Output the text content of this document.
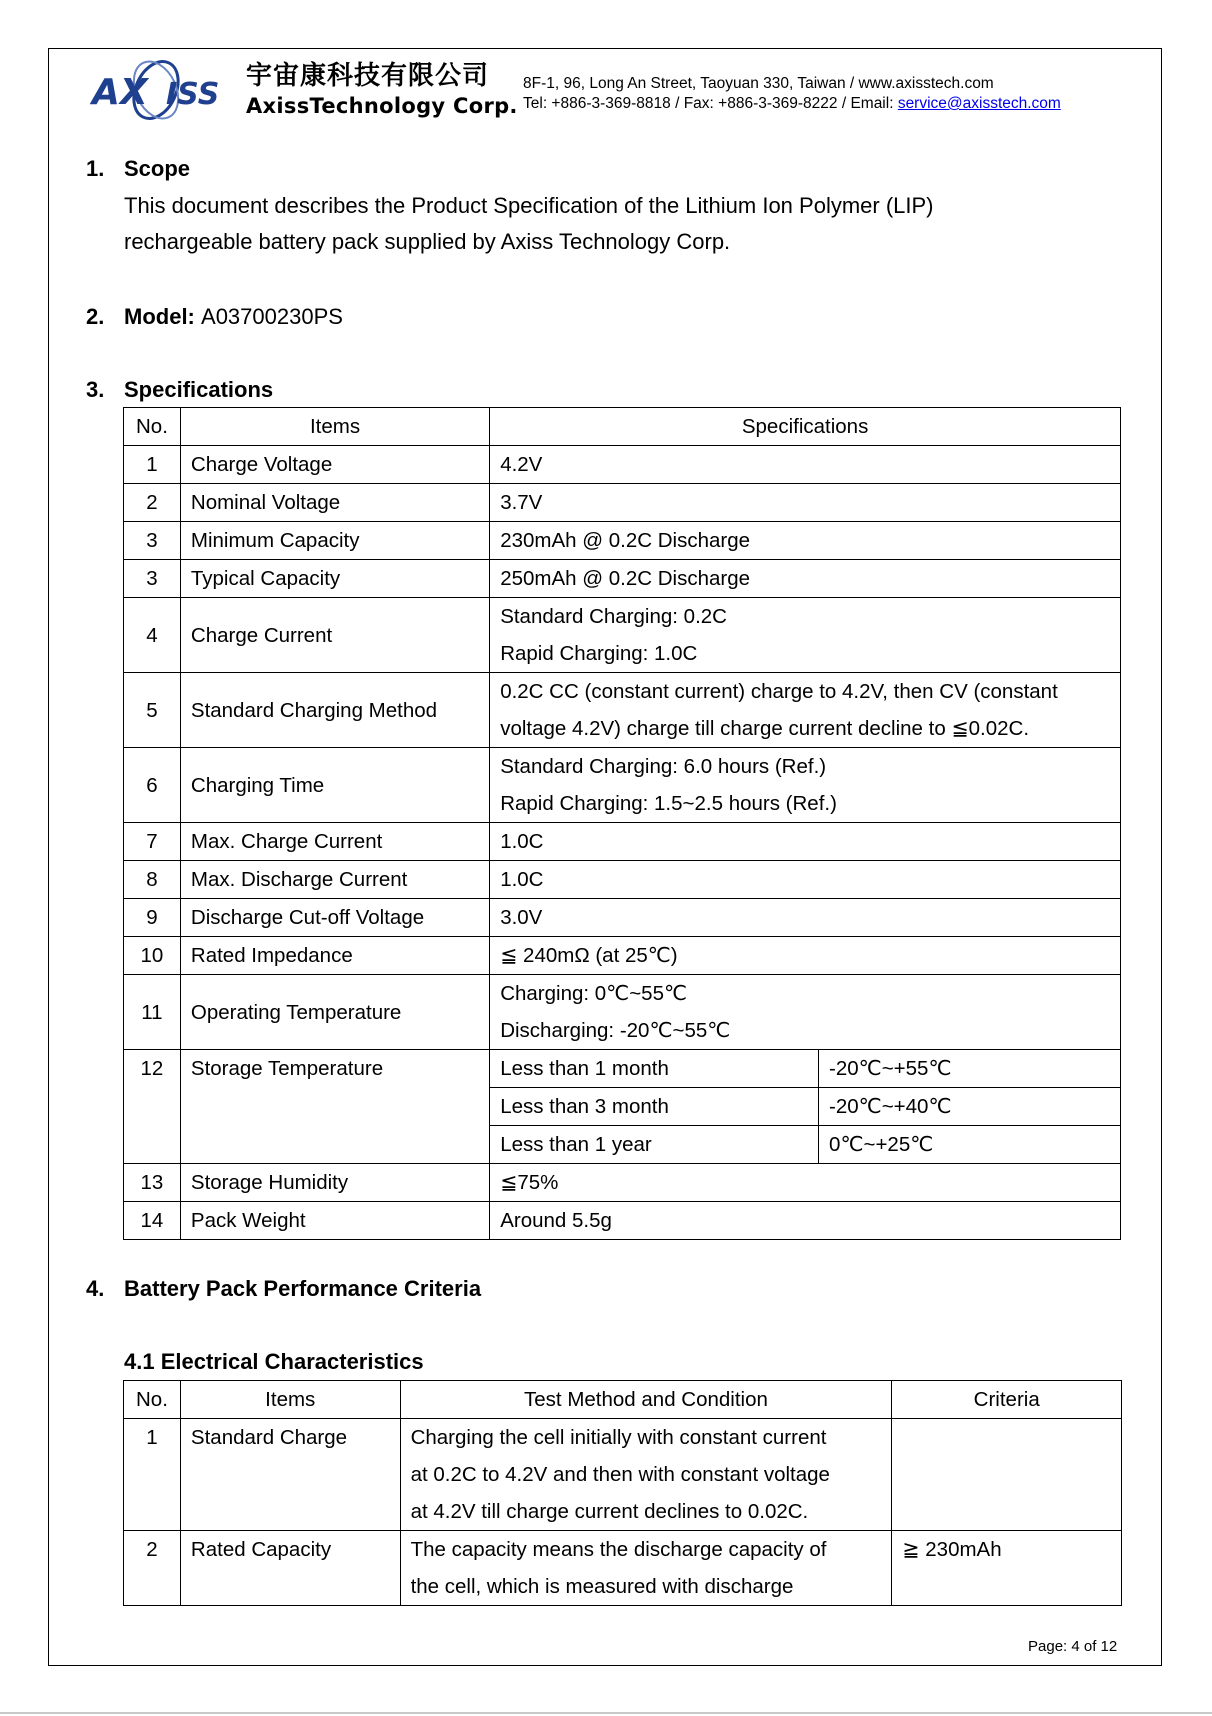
A X ISS
宇宙康科技有限公司
AxissTechnology Corp.
8F-1, 96, Long An Street, Taoyuan 330, Taiwan / www.axisstech.com
Tel: +886-3-369-8818 / Fax: +886-3-369-8222 / Email: service@axisstech.com
1. Scope
This document describes the Product Specification of the Lithium Ion Polymer (LIP)
rechargeable battery pack supplied by Axiss Technology Corp.
2. Model: A03700230PS
3. Specifications
No.	Items	Specifications	
1	Charge Voltage	4.2V	
2	Nominal Voltage	3.7V	
3	Minimum Capacity	230mAh @ 0.2C Discharge	
3	Typical Capacity	250mAh @ 0.2C Discharge	
4	Charge Current	Standard Charging: 0.2C
Rapid Charging: 1.0C	

5	Standard Charging Method	0.2C CC (constant current) charge to 4.2V, then CV (constant
voltage 4.2V) charge till charge current decline to ≦0.02C.	

6	Charging Time	Standard Charging: 6.0 hours (Ref.)
Rapid Charging: 1.5~2.5 hours (Ref.)	

7	Max. Charge Current	1.0C	
8	Max. Discharge Current	1.0C	
9	Discharge Cut-off Voltage	3.0V	
10	Rated Impedance	≦ 240mΩ (at 25℃)	
11	Operating Temperature	Charging: 0℃~55℃
Discharging: -20℃~55℃	

12	Storage Temperature	Less than 1 month	-20℃~+55℃
		Less than 3 month	-20℃~+40℃
		Less than 1 year	0℃~+25℃
13	Storage Humidity	≦75%	
14	Pack Weight	Around 5.5g	
4. Battery Pack Performance Criteria
4.1 Electrical Characteristics
No.	Items	Test Method and Condition	Criteria
1	Standard Charge	Charging the cell initially with constant current
at 0.2C to 4.2V and then with constant voltage
at 4.2V till charge current declines to 0.02C.	

2	Rated Capacity	The capacity means the discharge capacity of
the cell, which is measured with discharge	≧ 230mAh
Page: 4 of 12
